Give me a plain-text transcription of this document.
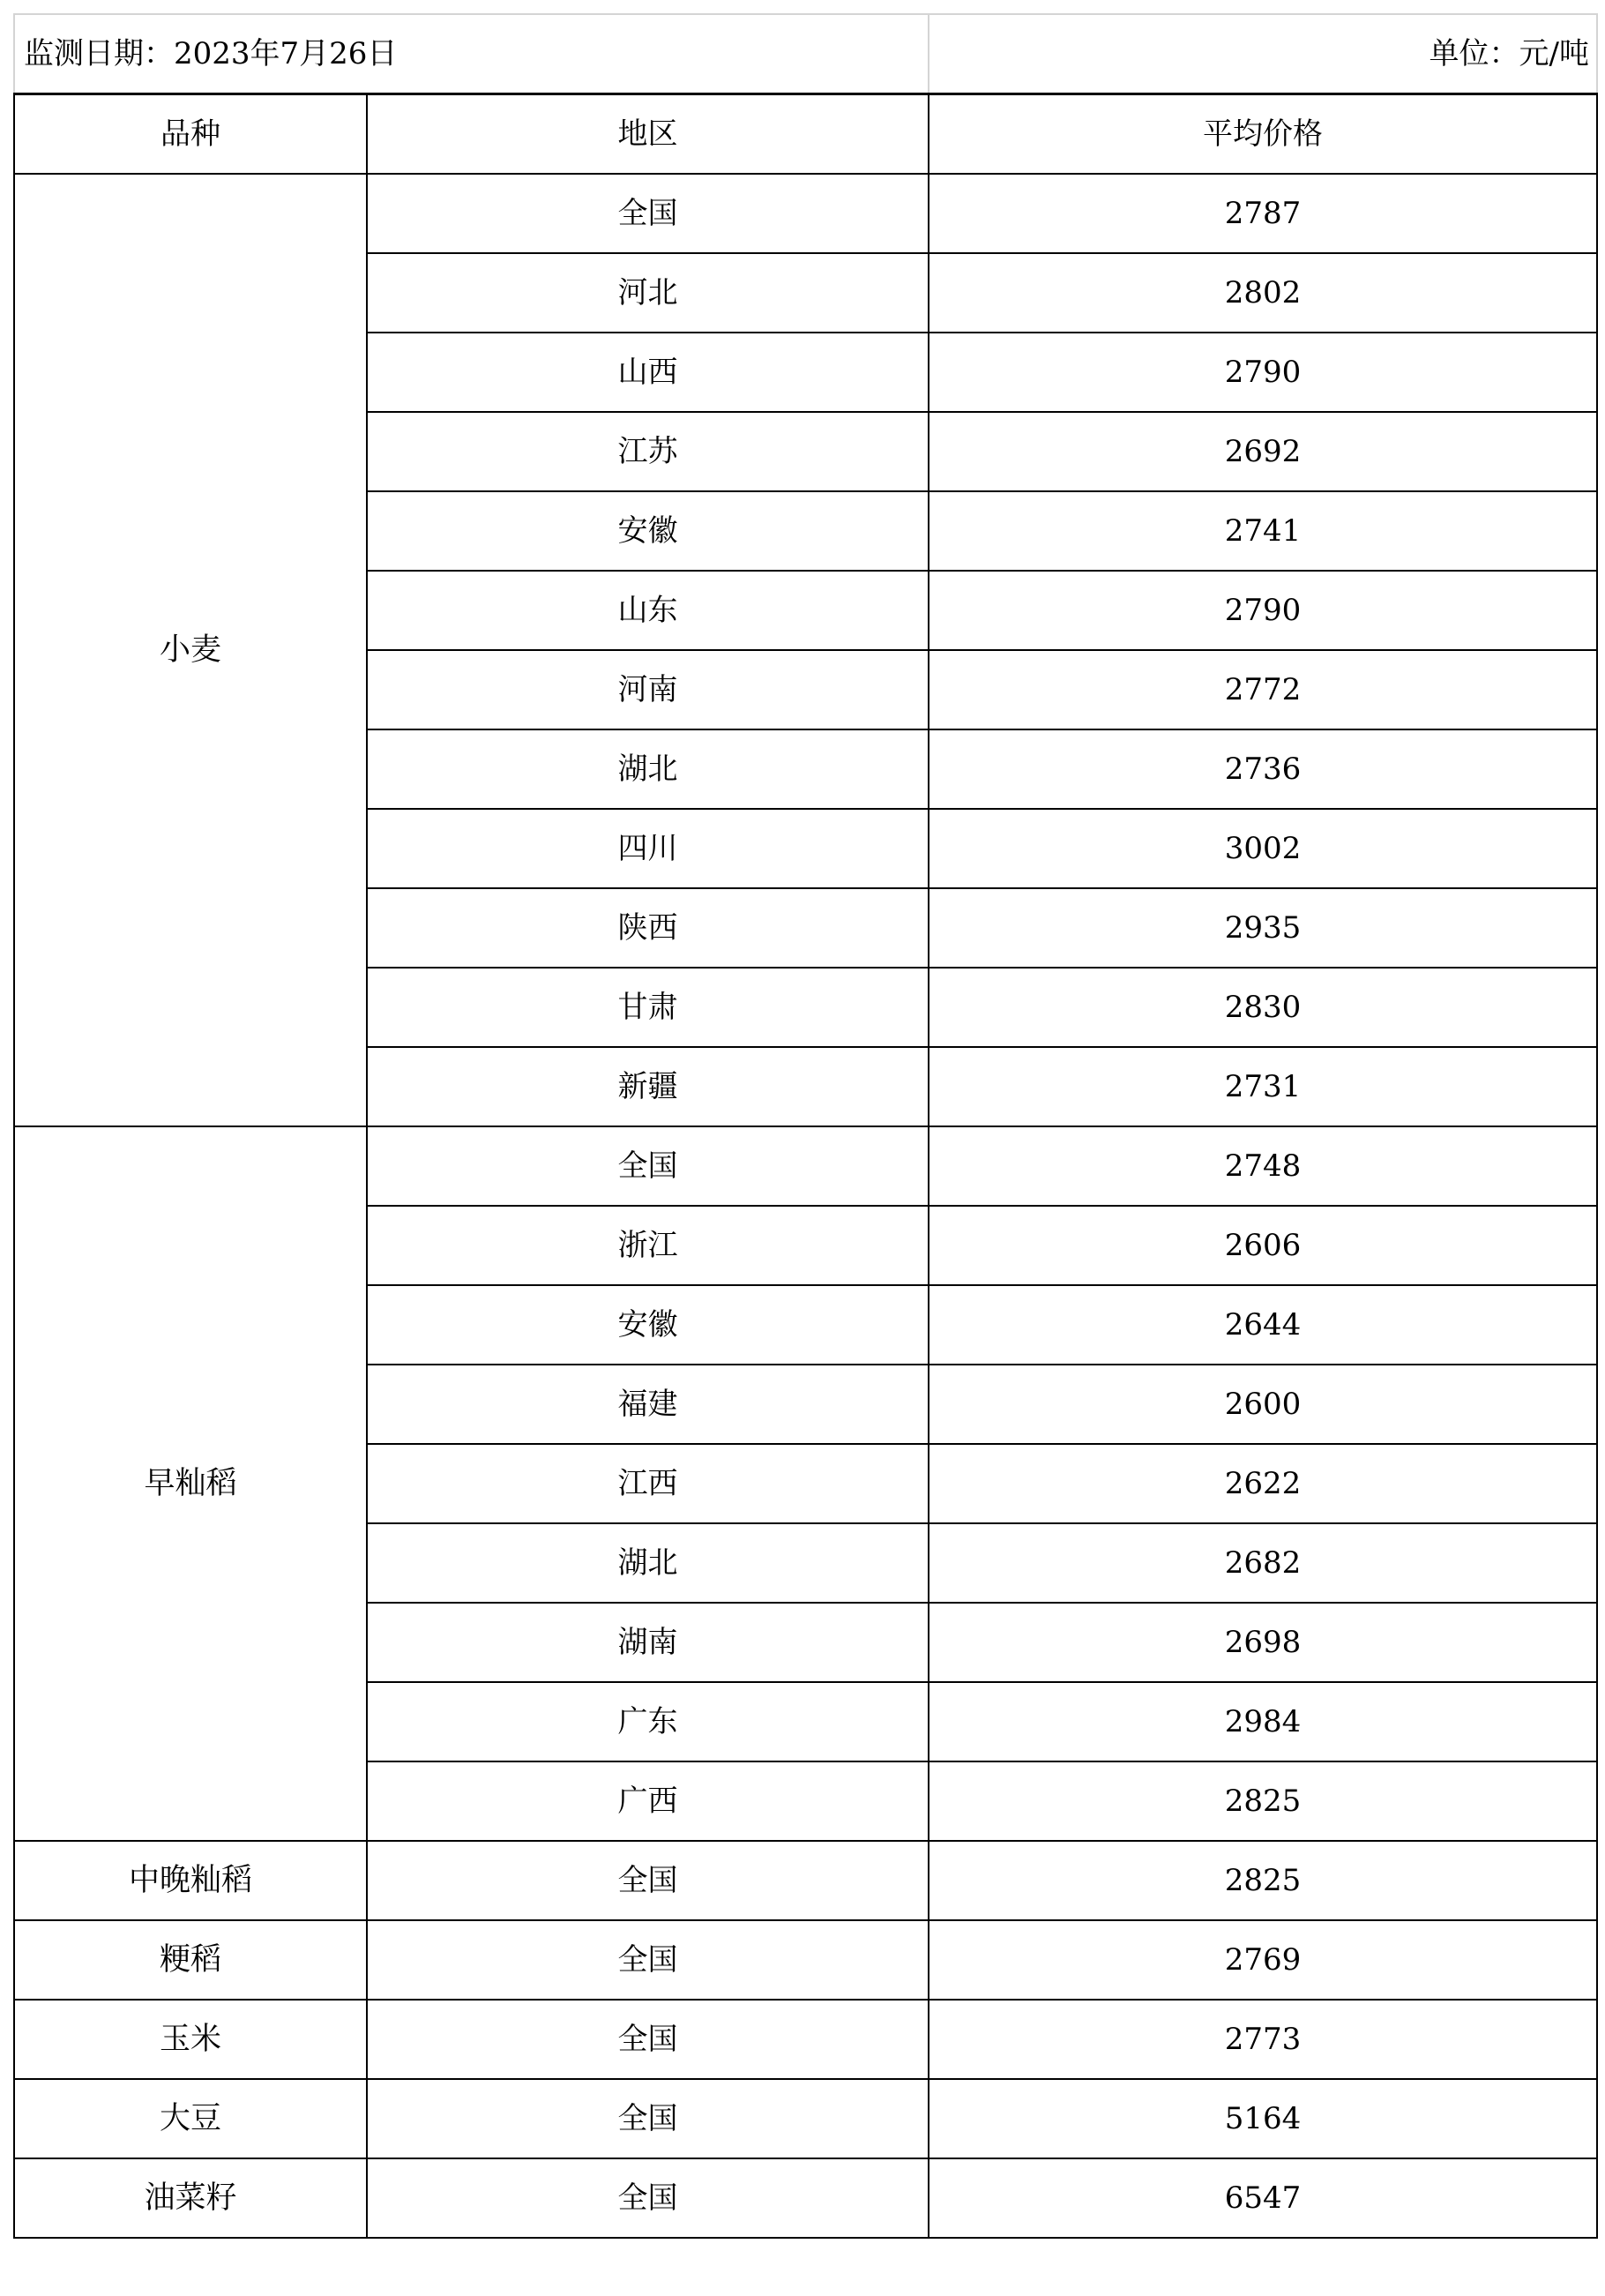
监测日期：2023年7月26日		单位：元/吨
品种	地区	平均价格
小麦	全国	2787
	河北	2802
	山西	2790
	江苏	2692
	安徽	2741
	山东	2790
	河南	2772
	湖北	2736
	四川	3002
	陕西	2935
	甘肃	2830
	新疆	2731
早籼稻	全国	2748
	浙江	2606
	安徽	2644
	福建	2600
	江西	2622
	湖北	2682
	湖南	2698
	广东	2984
	广西	2825
中晚籼稻	全国	2825
粳稻	全国	2769
玉米	全国	2773
大豆	全国	5164
油菜籽	全国	6547
